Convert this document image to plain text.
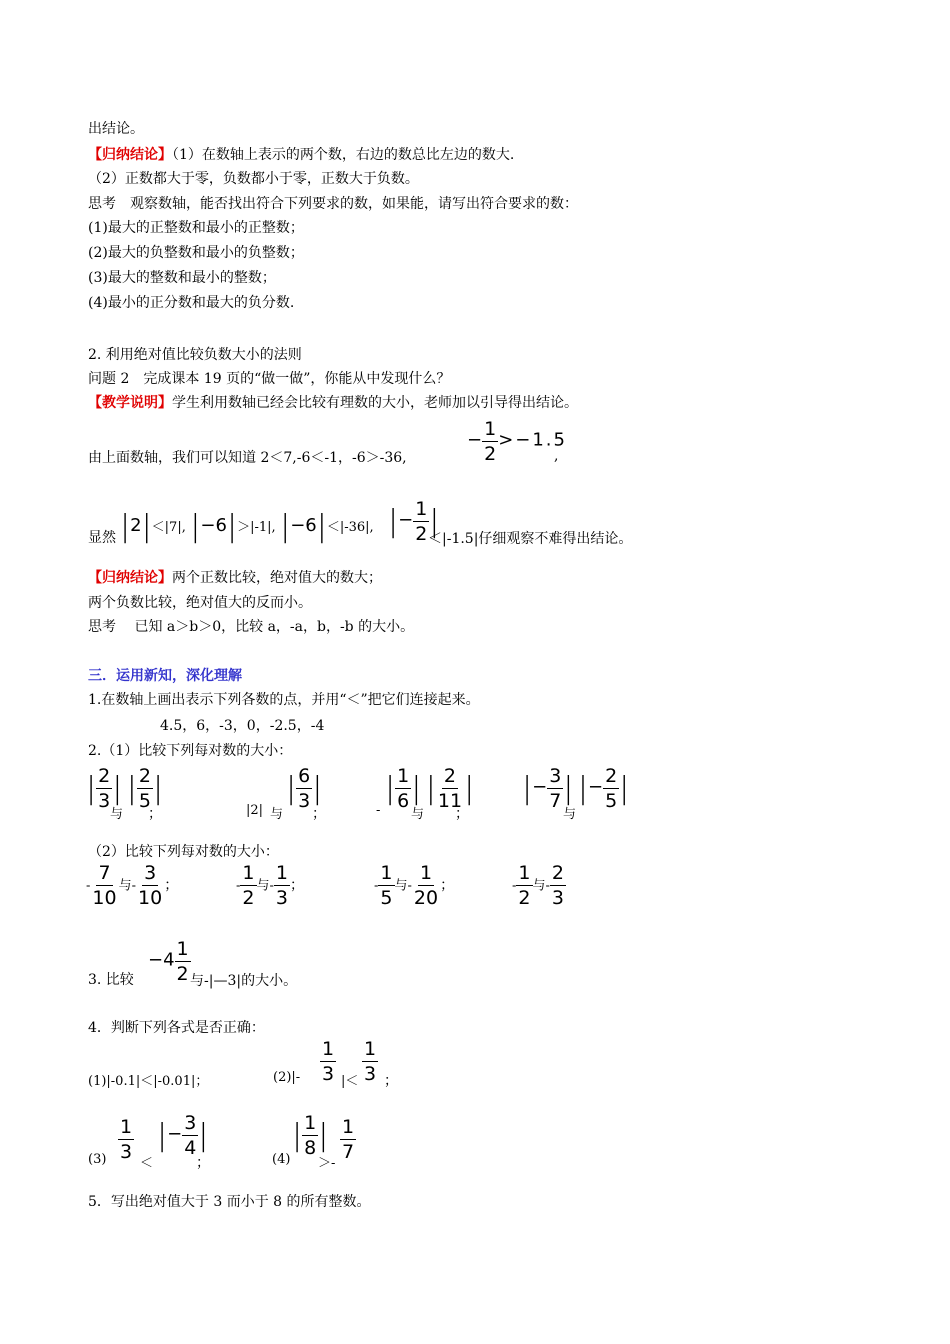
出结论。
【归纳结论】（1）在数轴上表示的两个数，右边的数总比左边的数大.
（2）正数都大于零，负数都小于零，正数大于负数。
思考　观察数轴，能否找出符合下列要求的数，如果能，请写出符合要求的数：
(1)最大的正整数和最小的正整数；
(2)最大的负整数和最小的负整数；
(3)最大的整数和最小的整数；
(4)最小的正分数和最大的负分数.
2. 利用绝对值比较负数大小的法则
问题 2　完成课本 19 页的“做一做”，你能从中发现什么？
【教学说明】学生利用数轴已经会比较有理数的大小，老师加以引导得出结论。
由上面数轴，我们可以知道 2＜7,-6＜-1，-6＞-36,
− $\frac{1}{2} >-1.5$
,
显然 |2|＜|7|, |−6|＞|-1|, |−6|＜|-36|, |− $\frac{1}{2}$ |
＜|-1.5|仔细观察不难得出结论。
【归纳结论】两个正数比较，绝对值大的数大；
两个负数比较，绝对值大的反而小。
思考　 已知 a＞b＞0，比较 a，-a，b，-b 的大小。
三．运用新知，深化理解
1.在数轴上画出表示下列各数的点，并用“＜”把它们连接起来。
4.5，6，-3，0，-2.5，-4
2.（1）比较下列每对数的大小：
| $\frac{2}{3}$ | | $\frac{2}{5}$ |
与 ；
| $\frac{6}{3}$ |
|2| 与 ；
| $\frac{1}{6}$ | | $\frac{2}{11}$ |
- 与 ；
|− $\frac{3}{7}$ | |− $\frac{2}{5}$ |
与
（2）比较下列每对数的大小：
- $\frac{7}{10}$ 与- $\frac{3}{10}$ ；	- $\frac{1}{2}$ 与- $\frac{1}{3}$ ；	- $\frac{1}{5}$ 与- $\frac{1}{20}$ ；	- $\frac{1}{2}$ 与- $\frac{2}{3}$
3. 比较
$-4 \frac{1}{2}$ 与-|—3|的大小。
4．判断下列各式是否正确：
(1)|-0.1|＜|-0.01|；	$(2)|- \frac{1}{3}$ |＜ $\frac{1}{3}$ ；
$(3) \frac{1}{3}$
＜
|− $\frac{3}{4}$ |
；	(4)
| $\frac{1}{8}$ |
＞-
$\frac{1}{7}$
5．写出绝对值大于 3 而小于 8 的所有整数。
